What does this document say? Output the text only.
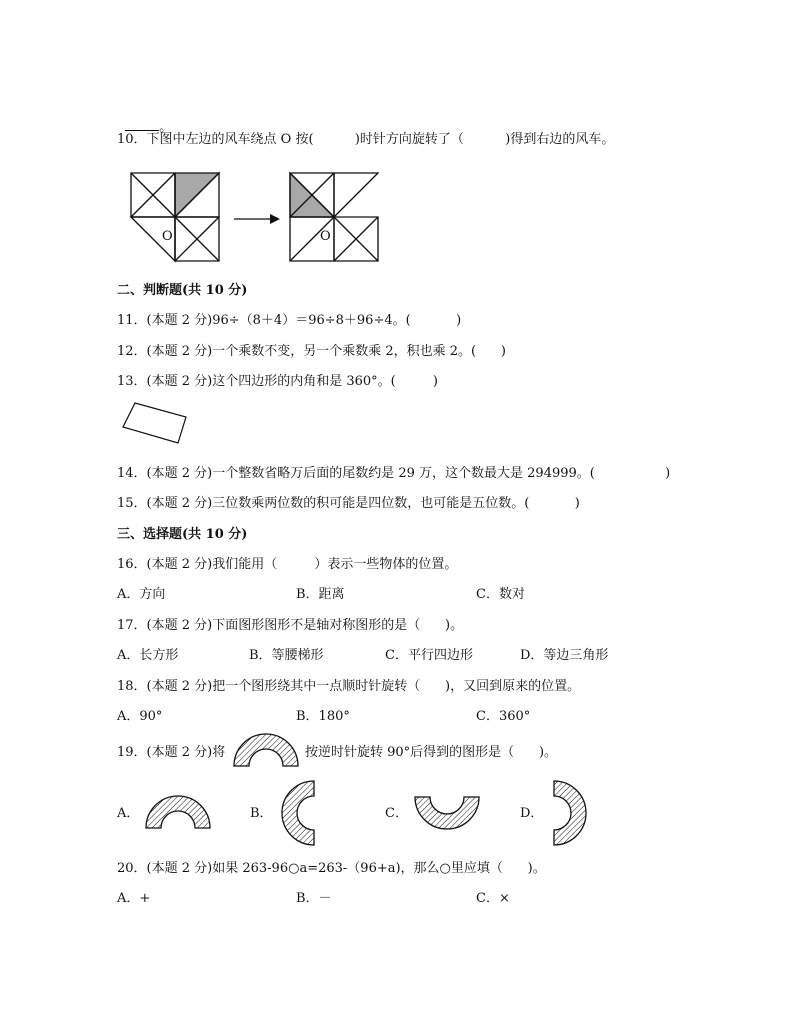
。

10．下图中左边的风车绕点 O 按(          )时针方向旋转了（          )得到右边的风车。
O	O
二、判断题(共 10 分)
11．(本题 2 分)96÷（8＋4）＝96÷8＋96÷4。(           )
12．(本题 2 分)一个乘数不变，另一个乘数乘 2，积也乘 2。(      )
13．(本题 2 分)这个四边形的内角和是 360°。(         )
14．(本题 2 分)一个整数省略万后面的尾数约是 29 万，这个数最大是 294999。(                 )
15．(本题 2 分)三位数乘两位数的积可能是四位数，也可能是五位数。(           )
三、选择题(共 10 分)
16．(本题 2 分)我们能用（         ）表示一些物体的位置。
A．方向	B．距离	C．数对
17．(本题 2 分)下面图形图形不是轴对称图形的是（      )。
A．长方形	B．等腰梯形	C．平行四边形	D．等边三角形
18．(本题 2 分)把一个图形绕其中一点顺时针旋转（      )，又回到原来的位置。
A．90°	B．180°	C．360°
19．(本题 2 分)将	按逆时针旋转 90°后得到的图形是（      )。
A．	B．	C．	D．
20．(本题 2 分)如果 263-96○a=263-（96+a)，那么○里应填（      )。
A．+	B．－	C．×
